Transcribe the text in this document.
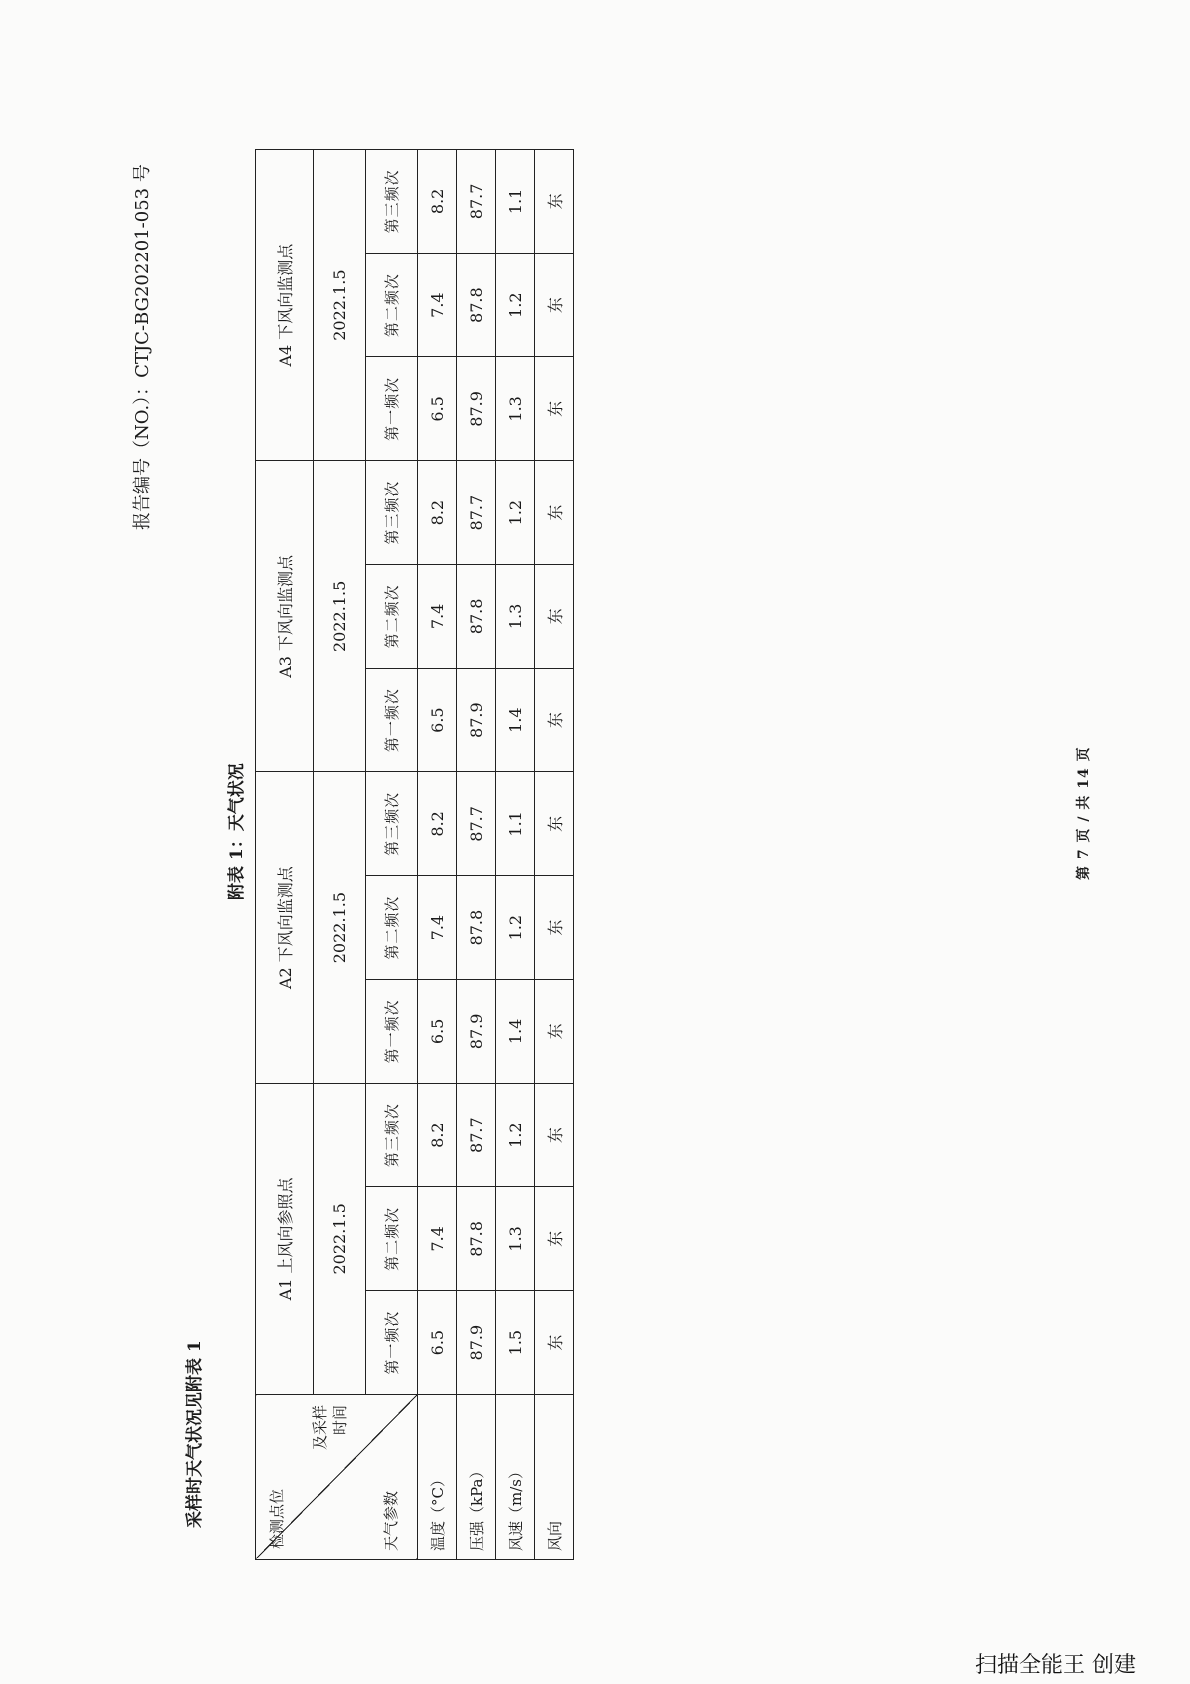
报告编号（NO.）：CTJC-BG202201-053 号
采样时天气状况见附表 1
附表 1：天气状况
检测点位
及采样 时间
天气参数	A1 上风向参照点			A2 下风向监测点			A3 下风向监测点			A4 下风向监测点		
	2022.1.5			2022.1.5			2022.1.5			2022.1.5		
	第一频次	第二频次	第三频次	第一频次	第二频次	第三频次	第一频次	第二频次	第三频次	第一频次	第二频次	第三频次
温度（°C）	6.5	7.4	8.2	6.5	7.4	8.2	6.5	7.4	8.2	6.5	7.4	8.2
压强（kPa）	87.9	87.8	87.7	87.9	87.8	87.7	87.9	87.8	87.7	87.9	87.8	87.7
风速（m/s）	1.5	1.3	1.2	1.4	1.2	1.1	1.4	1.3	1.2	1.3	1.2	1.1
风向	东	东	东	东	东	东	东	东	东	东	东	东
第 7 页 / 共 14 页
扫描全能王 创建
